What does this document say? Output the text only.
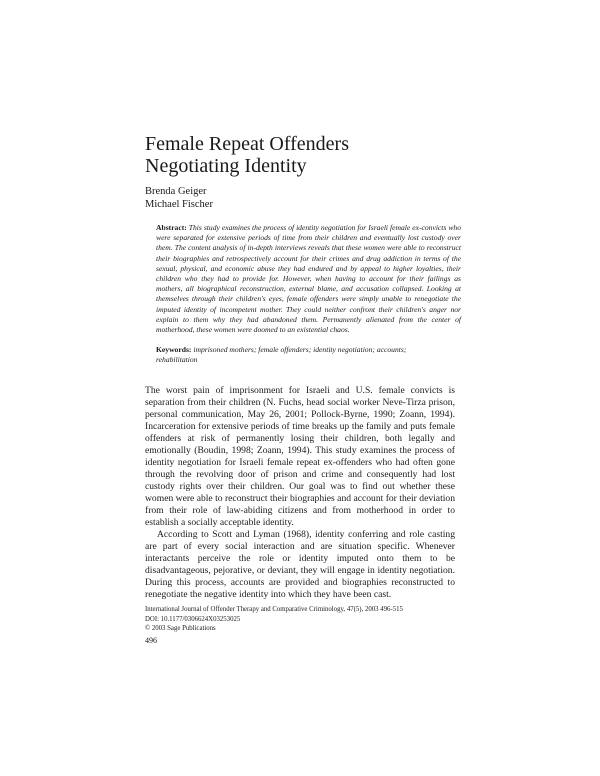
Female Repeat Offenders
Negotiating Identity
Brenda Geiger
Michael Fischer

Abstract: This study examines the process of identity negotiation for Israeli female ex-convicts who were separated for extensive periods of time from their children and eventually lost custody over them. The content analysis of in-depth interviews reveals that these women were able to reconstruct their biographies and retrospectively account for their crimes and drug addiction in terms of the sexual, physical, and economic abuse they had endured and by appeal to higher loyalties, their children who they had to provide for. However, when having to account for their failings as mothers, all biographical reconstruction, external blame, and accusation collapsed. Looking at themselves through their children's eyes, female offenders were simply unable to renegotiate the imputed identity of incompetent mother. They could neither confront their children's anger nor explain to them why they had abandoned them. Permanently alienated from the center of motherhood, these women were doomed to an existential chaos.

Keywords: imprisoned mothers; female offenders; identity negotiation; accounts; rehabilitation

The worst pain of imprisonment for Israeli and U.S. female convicts is separation from their children (N. Fuchs, head social worker Neve-Tirza prison, personal communication, May 26, 2001; Pollock-Byrne, 1990; Zoann, 1994). Incarceration for extensive periods of time breaks up the family and puts female offenders at risk of permanently losing their children, both legally and emotionally (Boudin, 1998; Zoann, 1994). This study examines the process of identity negotiation for Israeli female repeat ex-offenders who had often gone through the revolving door of prison and crime and consequently had lost custody rights over their children. Our goal was to find out whether these women were able to reconstruct their biographies and account for their deviation from their role of law-abiding citizens and from motherhood in order to establish a socially acceptable identity.

According to Scott and Lyman (1968), identity conferring and role casting are part of every social interaction and are situation specific. Whenever interactants perceive the role or identity imputed onto them to be disadvantageous, pejorative, or deviant, they will engage in identity negotiation. During this process, accounts are provided and biographies reconstructed to renegotiate the negative identity into which they have been cast.

International Journal of Offender Therapy and Comparative Criminology, 47(5), 2003 496-515
DOI: 10.1177/0306624X03253025
© 2003 Sage Publications
496
